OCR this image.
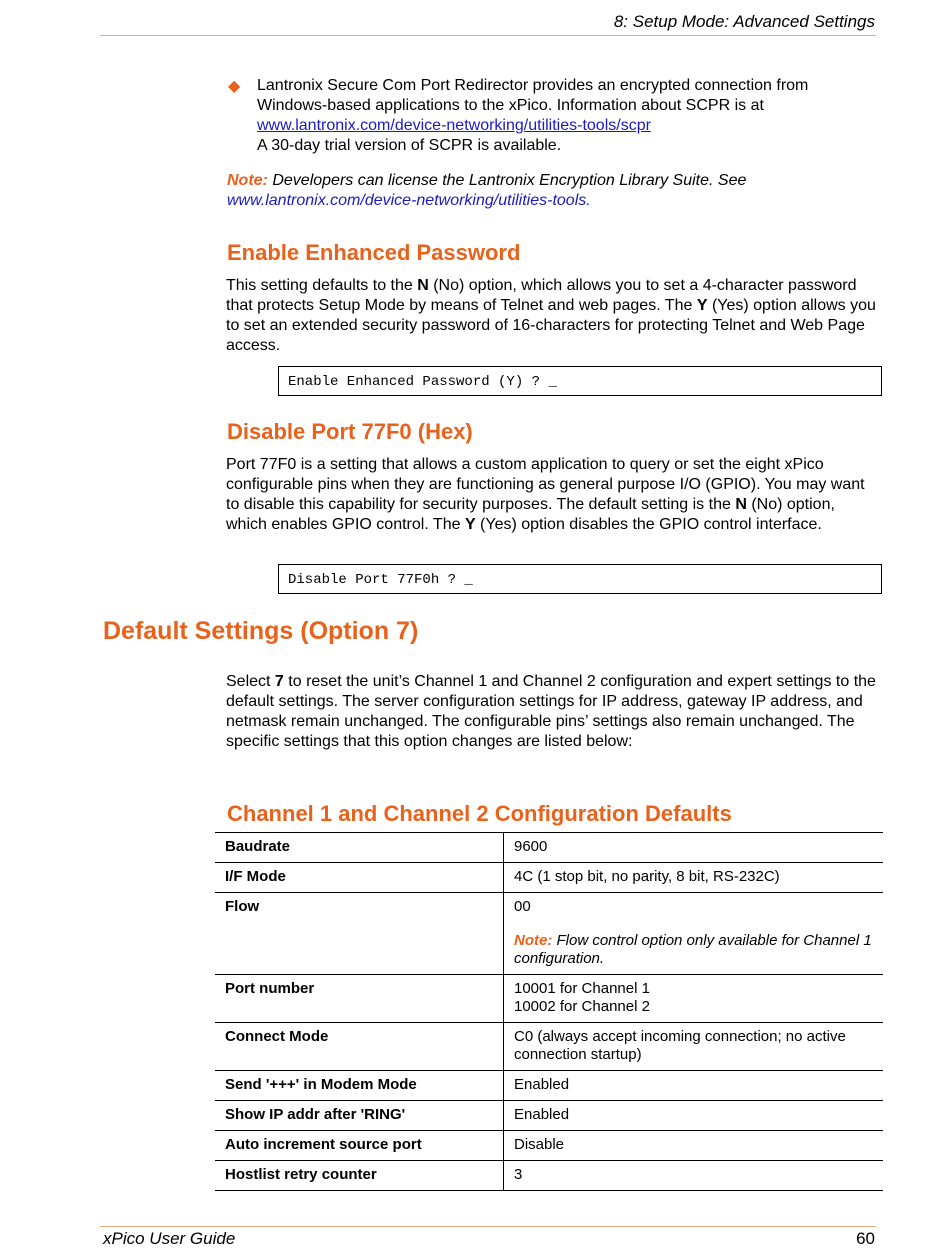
8: Setup Mode: Advanced Settings
◆ Lantronix Secure Com Port Redirector provides an encrypted connection from Windows-based applications to the xPico. Information about SCPR is at
www.lantronix.com/device-networking/utilities-tools/scpr
A 30-day trial version of SCPR is available.
Note: Developers can license the Lantronix Encryption Library Suite. See www.lantronix.com/device-networking/utilities-tools.
Enable Enhanced Password
This setting defaults to the N (No) option, which allows you to set a 4-character password that protects Setup Mode by means of Telnet and web pages. The Y (Yes) option allows you to set an extended security password of 16-characters for protecting Telnet and Web Page access.
Enable Enhanced Password (Y) ? _
Disable Port 77F0 (Hex)
Port 77F0 is a setting that allows a custom application to query or set the eight xPico configurable pins when they are functioning as general purpose I/O (GPIO). You may want to disable this capability for security purposes. The default setting is the N (No) option, which enables GPIO control. The Y (Yes) option disables the GPIO control interface.
Disable Port 77F0h ? _
Default Settings (Option 7)
Select 7 to reset the unit’s Channel 1 and Channel 2 configuration and expert settings to the default settings. The server configuration settings for IP address, gateway IP address, and netmask remain unchanged. The configurable pins’ settings also remain unchanged. The specific settings that this option changes are listed below:
Channel 1 and Channel 2 Configuration Defaults
Baudrate	9600
I/F Mode	4C (1 stop bit, no parity, 8 bit, RS-232C)
Flow	00
Note: Flow control option only available for Channel 1 configuration.

Port number	10001 for Channel 1
10002 for Channel 2

Connect Mode	C0 (always accept incoming connection; no active connection startup)
Send '+++' in Modem Mode	Enabled
Show IP addr after 'RING'	Enabled
Auto increment source port	Disable
Hostlist retry counter	3
xPico User Guide	60
